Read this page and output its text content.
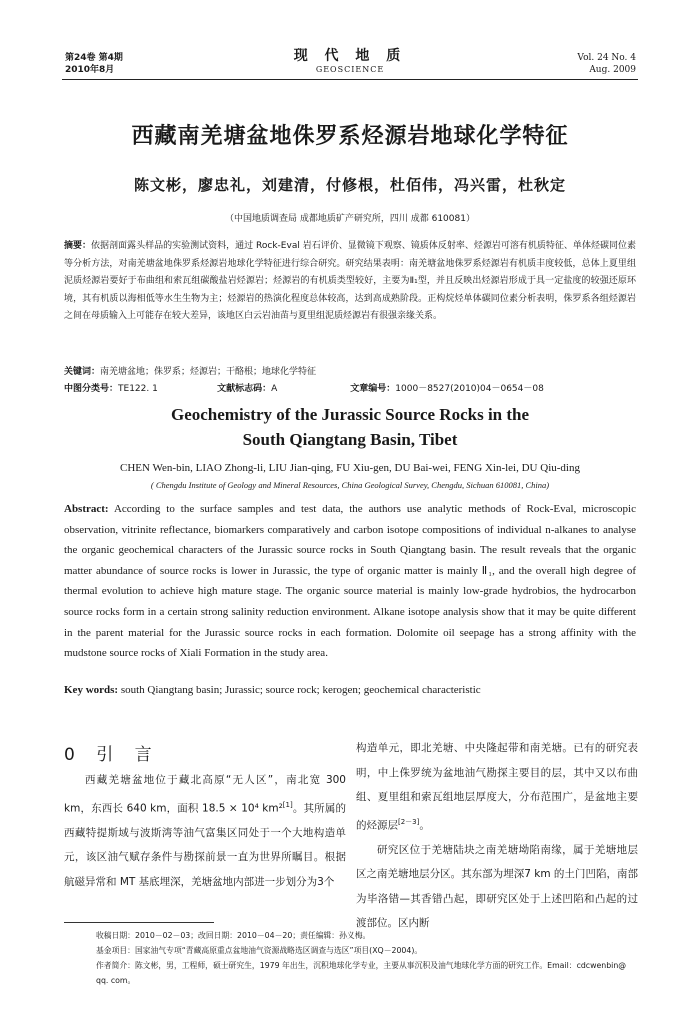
第24卷 第4期
2010年8月
现 代 地 质
GEOSCIENCE
Vol. 24 No. 4
Aug. 2009
西藏南羌塘盆地侏罗系烃源岩地球化学特征
陈文彬，廖忠礼，刘建清，付修根，杜佰伟，冯兴雷，杜秋定
（中国地质调查局 成都地质矿产研究所，四川 成都 610081）
摘要：依据剖面露头样品的实验测试资料，通过 Rock-Eval 岩石评价、显微镜下观察、镜质体反射率、烃源岩可溶有机质特征、单体烃碳同位素等分析方法，对南羌塘盆地侏罗系烃源岩地球化学特征进行综合研究。研究结果表明：南羌塘盆地侏罗系烃源岩有机质丰度较低，总体上夏里组泥质烃源岩要好于布曲组和索瓦组碳酸盐岩烃源岩；烃源岩的有机质类型较好，主要为Ⅱ₁型，并且反映出烃源岩形成于具一定盐度的较强还原环境，其有机质以海相低等水生生物为主；烃源岩的热演化程度总体较高，达到高成熟阶段。正构烷烃单体碳同位素分析表明，侏罗系各组烃源岩之间在母质输入上可能存在较大差异，该地区白云岩油苗与夏里组泥质烃源岩有很强亲缘关系。
关键词：南羌塘盆地；侏罗系；烃源岩；干酪根；地球化学特征
中图分类号：TE122. 1	文献标志码：A	文章编号：1000－8527(2010)04－0654－08
Geochemistry of the Jurassic Source Rocks in the
South Qiangtang Basin, Tibet
CHEN Wen-bin, LIAO Zhong-li, LIU Jian-qing, FU Xiu-gen, DU Bai-wei, FENG Xin-lei, DU Qiu-ding
( Chengdu Institute of Geology and Mineral Resources, China Geological Survey, Chengdu, Sichuan 610081, China)
Abstract: According to the surface samples and test data, the authors use analytic methods of Rock-Eval, microscopic observation, vitrinite reflectance, biomarkers comparatively and carbon isotope compositions of individual n-alkanes to analyse the organic geochemical characters of the Jurassic source rocks in South Qiangtang basin. The result reveals that the organic matter abundance of source rocks is lower in Jurassic, the type of organic matter is mainly Ⅱ₁, and the overall high degree of thermal evolution to achieve high mature stage. The organic source material is mainly low-grade hydrobios, the hydrocarbon source rocks form in a certain strong salinity reduction environment. Alkane isotope analysis show that it may be quite different in the parent material for the Jurassic source rocks in each formation. Dolomite oil seepage has a strong affinity with the mudstone source rocks of Xiali Formation in the study area.
Key words: south Qiangtang basin; Jurassic; source rock; kerogen; geochemical characteristic
0 引 言

西藏羌塘盆地位于藏北高原“无人区”，南北宽 300 km，东西长 640 km，面积 18.5 × 10⁴ km²[1]。其所属的西藏特提斯域与波斯湾等油气富集区同处于一个大地构造单元，该区油气赋存条件与勘探前景一直为世界所瞩目。根据航磁异常和 MT 基底埋深，羌塘盆地内部进一步划分为3个

构造单元，即北羌塘、中央隆起带和南羌塘。已有的研究表明，中上侏罗统为盆地油气勘探主要目的层，其中又以布曲组、夏里组和索瓦组地层厚度大，分布范围广，是盆地主要的烃源层[2－3]。

研究区位于羌塘陆块之南羌塘坳陷南缘，属于羌塘地层区之南羌塘地层分区。其东部为埋深7 km 的土门凹陷，南部为毕洛错—其香错凸起，即研究区处于上述凹陷和凸起的过渡部位。区内断

收稿日期：2010－02－03；改回日期：2010－04－20；责任编辑：孙义梅。
基金项目：国家油气专项“青藏高原重点盆地油气资源战略选区调查与选区”项目(XQ－2004)。
作者简介：陈文彬，男，工程师，硕士研究生，1979 年出生，沉积地球化学专业，主要从事沉积及油气地球化学方面的研究工作。Email：cdcwenbin@ qq. com。
